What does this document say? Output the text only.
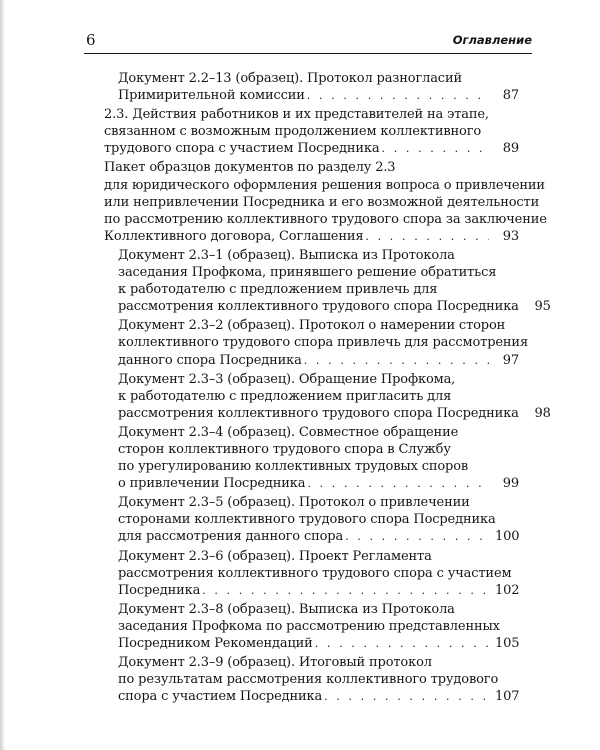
6	Оглавление
Документ 2.2–13 (образец). Протокол разногласий
Примирительной комиссии . . .	87
2.3. Действия работников и их представителей на этапе,
связанном с возможным продолжением коллективного
трудового спора с участием Посредника . . .	89
Пакет образцов документов по разделу 2.3
для юридического оформления решения вопроса о привлечении
или непривлечении Посредника и его возможной деятельности
по рассмотрению коллективного трудового спора за заключение
Коллективного договора, Соглашения . . .	93
Документ 2.3–1 (образец). Выписка из Протокола
заседания Профкома, принявшего решение обратиться
к работодателю с предложением привлечь для
рассмотрения коллективного трудового спора Посредника	95
Документ 2.3–2 (образец). Протокол о намерении сторон
коллективного трудового спора привлечь для рассмотрения
данного спора Посредника . . .	97
Документ 2.3–3 (образец). Обращение Профкома,
к работодателю с предложением пригласить для
рассмотрения коллективного трудового спора Посредника	98
Документ 2.3–4 (образец). Совместное обращение
сторон коллективного трудового спора в Службу
по урегулированию коллективных трудовых споров
о привлечении Посредника . . .	99
Документ 2.3–5 (образец). Протокол о привлечении
сторонами коллективного трудового спора Посредника
для рассмотрения данного спора . . .	100
Документ 2.3–6 (образец). Проект Регламента
рассмотрения коллективного трудового спора с участием
Посредника . . .	102
Документ 2.3–8 (образец). Выписка из Протокола
заседания Профкома по рассмотрению представленных
Посредником Рекомендаций . . .	105
Документ 2.3–9 (образец). Итоговый протокол
по результатам рассмотрения коллективного трудового
спора с участием Посредника . . .	107
